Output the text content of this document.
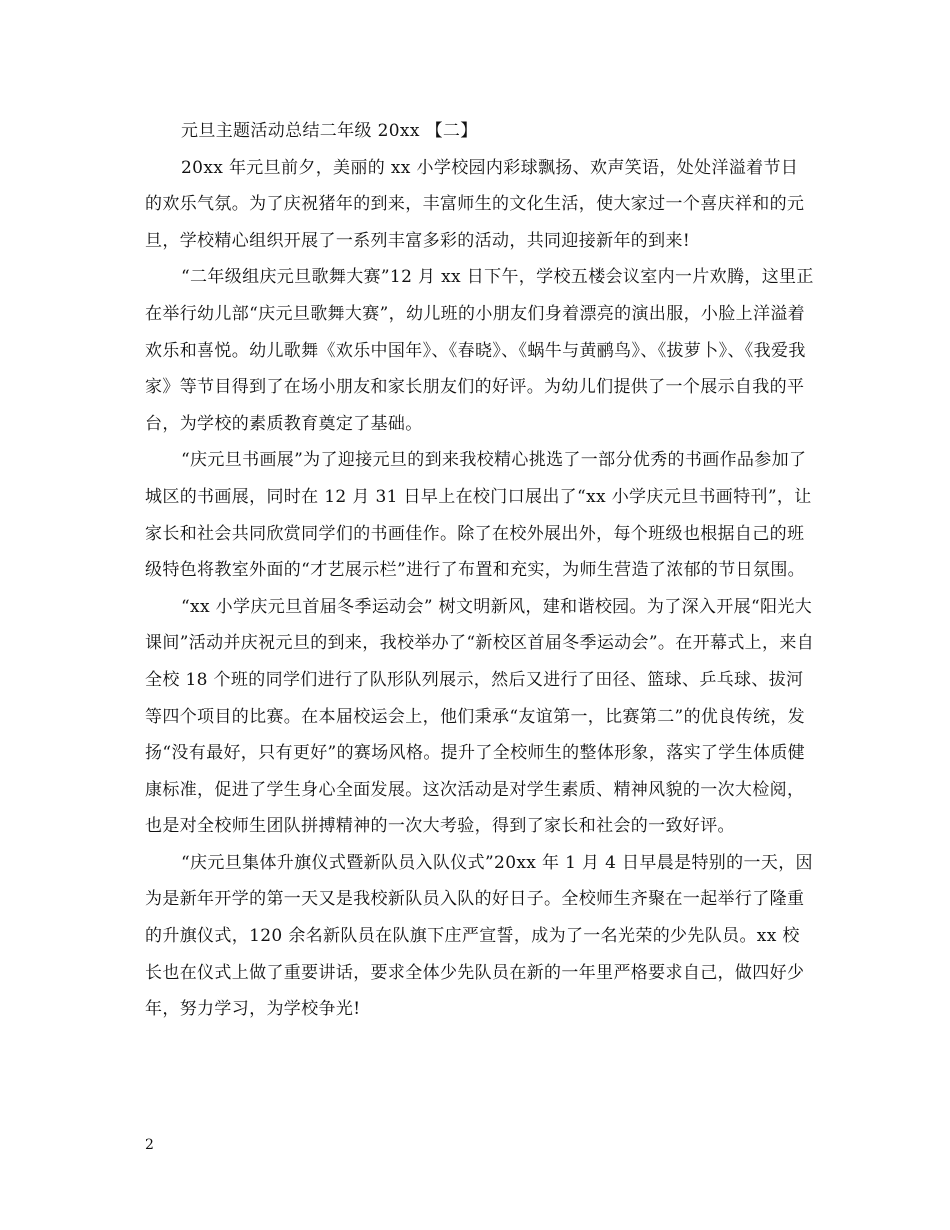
元旦主题活动总结二年级 20xx 【二】

20xx 年元旦前夕，美丽的 xx 小学校园内彩球飘扬、欢声笑语，处处洋溢着节日的欢乐气氛。为了庆祝猪年的到来，丰富师生的文化生活，使大家过一个喜庆祥和的元旦，学校精心组织开展了一系列丰富多彩的活动，共同迎接新年的到来!

“二年级组庆元旦歌舞大赛”12 月 xx 日下午，学校五楼会议室内一片欢腾，这里正在举行幼儿部“庆元旦歌舞大赛”，幼儿班的小朋友们身着漂亮的演出服，小脸上洋溢着欢乐和喜悦。幼儿歌舞《欢乐中国年》、《春晓》、《蜗牛与黄鹂鸟》、《拔萝卜》、《我爱我家》等节目得到了在场小朋友和家长朋友们的好评。为幼儿们提供了一个展示自我的平台，为学校的素质教育奠定了基础。

“庆元旦书画展”为了迎接元旦的到来我校精心挑选了一部分优秀的书画作品参加了城区的书画展，同时在 12 月 31 日早上在校门口展出了“xx 小学庆元旦书画特刊”，让家长和社会共同欣赏同学们的书画佳作。除了在校外展出外，每个班级也根据自己的班级特色将教室外面的“才艺展示栏”进行了布置和充实，为师生营造了浓郁的节日氛围。

“xx 小学庆元旦首届冬季运动会” 树文明新风，建和谐校园。为了深入开展“阳光大课间”活动并庆祝元旦的到来，我校举办了“新校区首届冬季运动会”。在开幕式上，来自全校 18 个班的同学们进行了队形队列展示，然后又进行了田径、篮球、乒乓球、拔河等四个项目的比赛。在本届校运会上，他们秉承“友谊第一，比赛第二”的优良传统，发扬“没有最好，只有更好”的赛场风格。提升了全校师生的整体形象，落实了学生体质健康标准，促进了学生身心全面发展。这次活动是对学生素质、精神风貌的一次大检阅，也是对全校师生团队拼搏精神的一次大考验，得到了家长和社会的一致好评。

“庆元旦集体升旗仪式暨新队员入队仪式”20xx 年 1 月 4 日早晨是特别的一天，因为是新年开学的第一天又是我校新队员入队的好日子。全校师生齐聚在一起举行了隆重的升旗仪式，120 余名新队员在队旗下庄严宣誓，成为了一名光荣的少先队员。xx 校长也在仪式上做了重要讲话，要求全体少先队员在新的一年里严格要求自己，做四好少年，努力学习，为学校争光!

2
